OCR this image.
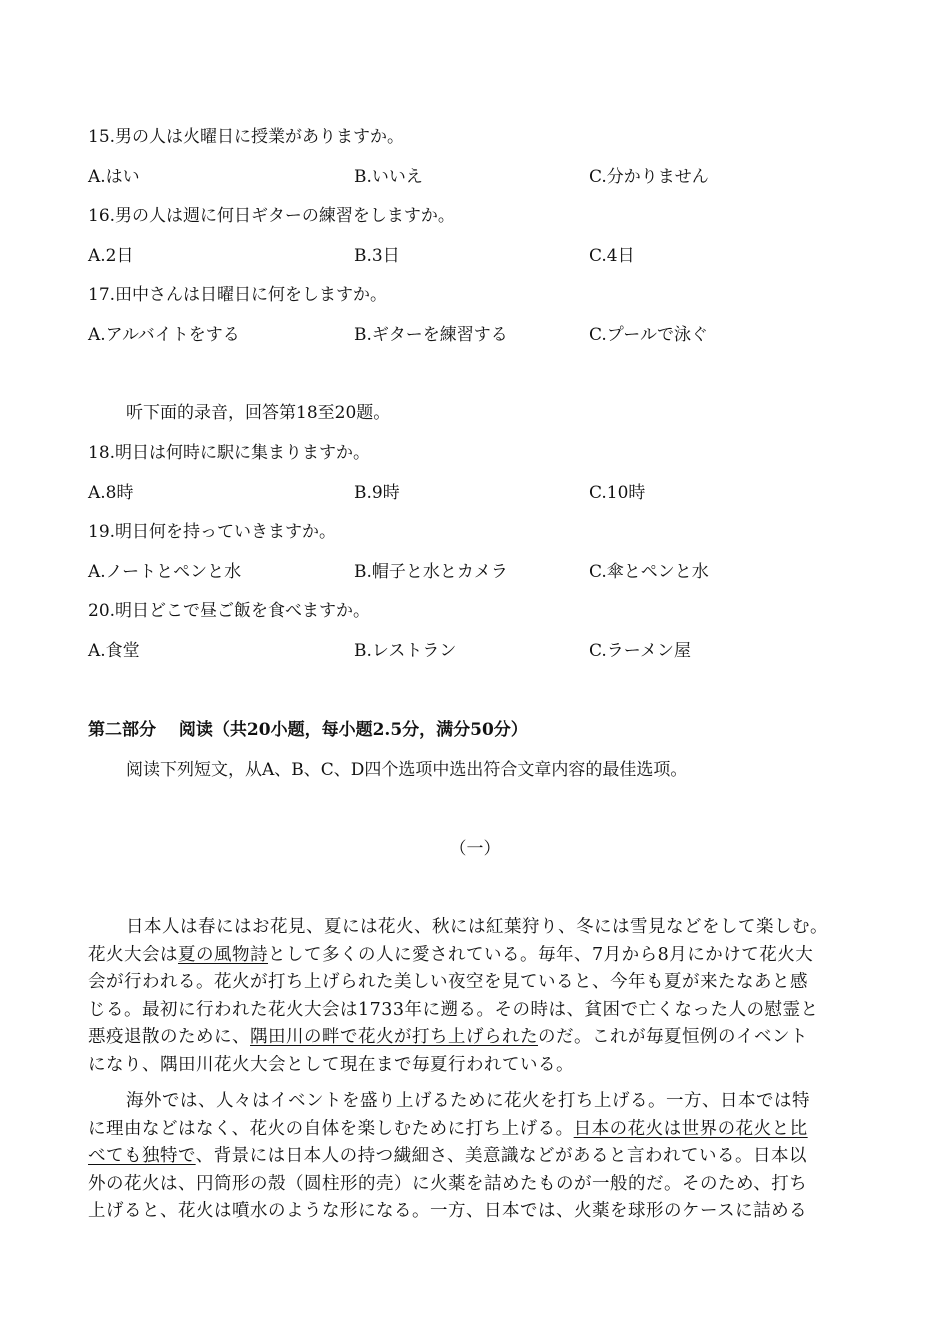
15.男の人は火曜日に授業がありますか。
A.はい	B.いいえ	C.分かりません
16.男の人は週に何日ギターの練習をしますか。
A.2日	B.3日	C.4日
17.田中さんは日曜日に何をしますか。
A.アルバイトをする	B.ギターを練習する	C.プールで泳ぐ
听下面的录音，回答第18至20题。
18.明日は何時に駅に集まりますか。
A.8時	B.9時	C.10時
19.明日何を持っていきますか。
A.ノートとペンと水	B.帽子と水とカメラ	C.傘とペンと水
20.明日どこで昼ご飯を食べますか。
A.食堂	B.レストラン	C.ラーメン屋
第二部分　 阅读（共20小题，每小题2.5分，满分50分）
阅读下列短文，从A、B、C、D四个选项中选出符合文章内容的最佳选项。
（一）

日本人は春にはお花見、夏には花火、秋には紅葉狩り、冬には雪見などをして楽しむ。

花火大会は夏の風物詩として多くの人に愛されている。毎年、7月から8月にかけて花火大

会が行われる。花火が打ち上げられた美しい夜空を見ていると、今年も夏が来たなあと感

じる。最初に行われた花火大会は1733年に遡る。その時は、貧困で亡くなった人の慰霊と

悪疫退散のために、隅田川の畔で花火が打ち上げられたのだ。これが毎夏恒例のイベント

になり、隅田川花火大会として現在まで毎夏行われている。

海外では、人々はイベントを盛り上げるために花火を打ち上げる。一方、日本では特

に理由などはなく、花火の自体を楽しむために打ち上げる。日本の花火は世界の花火と比

べても独特で、背景には日本人の持つ繊細さ、美意識などがあると言われている。日本以

外の花火は、円筒形の殻（圆柱形的壳）に火薬を詰めたものが一般的だ。そのため、打ち

上げると、花火は噴水のような形になる。一方、日本では、火薬を球形のケースに詰める
